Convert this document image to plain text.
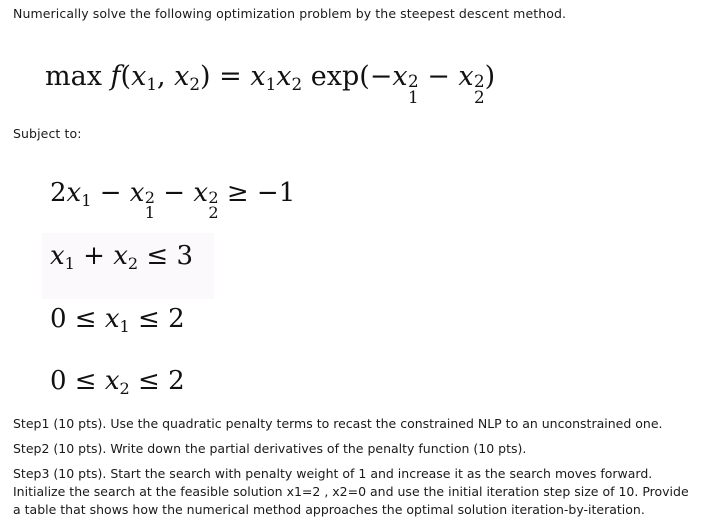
Numerically solve the following optimization problem by the steepest descent method.
max f(x1, x2) = x1x2 exp(−x 2
1
− x 2
2
)
Subject to:
2x1 − x 2
1
− x 2
2
≥ −1
x1 + x2 ≤ 3
0 ≤ x1 ≤ 2
0 ≤ x2 ≤ 2

Step1 (10 pts). Use the quadratic penalty terms to recast the constrained NLP to an unconstrained one.

Step2 (10 pts). Write down the partial derivatives of the penalty function (10 pts).

Step3 (10 pts). Start the search with penalty weight of 1 and increase it as the search moves forward. Initialize the search at the feasible solution x1=2 , x2=0 and use the initial iteration step size of 10. Provide a table that shows how the numerical method approaches the optimal solution iteration-by-iteration.
